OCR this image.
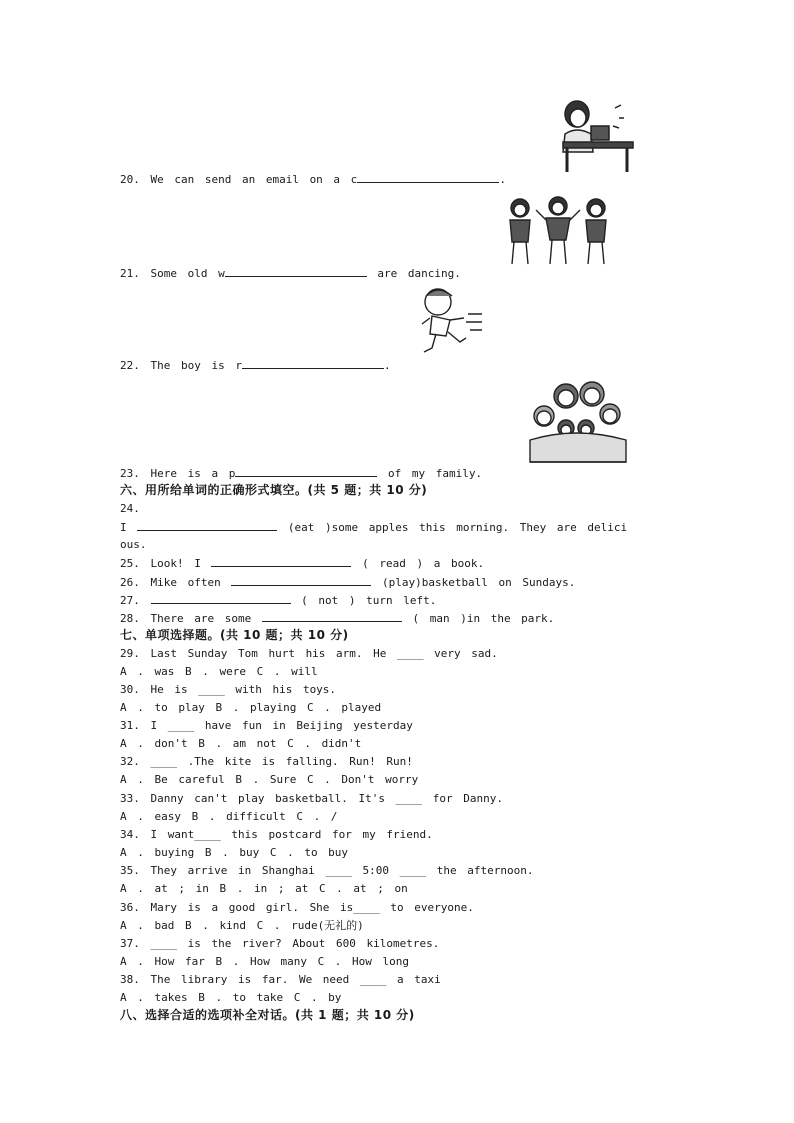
20. We can send an email on a c	.
21. Some old w	are dancing.
22. The boy is r	.
23. Here is a p	of my family.
六、用所给单词的正确形式填空。(共 5 题；共 10 分)
24.
I	(eat )some apples this morning. They are delici
ous.
25. Look! I	( read ) a book.
26. Mike often	(play)basketball on Sundays.
27.	( not ) turn left.
28. There are some	( man )in the park.
七、单项选择题。(共 10 题；共 10 分)
29. Last Sunday Tom hurt his arm. He ____ very sad.
A . was B . were C . will
30. He is ____ with his toys.
A . to play B . playing C . played
31. I ____ have fun in Beijing yesterday
A . don't B . am not C . didn't
32. ____ .The kite is falling. Run! Run!
A . Be careful B . Sure C . Don't worry
33. Danny can't play basketball. It's ____ for Danny.
A . easy B . difficult C . /
34. I want____ this postcard for my friend.
A . buying B . buy C . to buy
35. They arrive in Shanghai ____ 5:00 ____ the afternoon.
A . at ; in B . in ; at C . at ; on
36. Mary is a good girl. She is____ to everyone.
A . bad B . kind C . rude(无礼的)
37. ____ is the river? About 600 kilometres.
A . How far B . How many C . How long
38. The library is far. We need ____ a taxi
A . takes B . to take C . by
八、选择合适的选项补全对话。(共 1 题；共 10 分)
